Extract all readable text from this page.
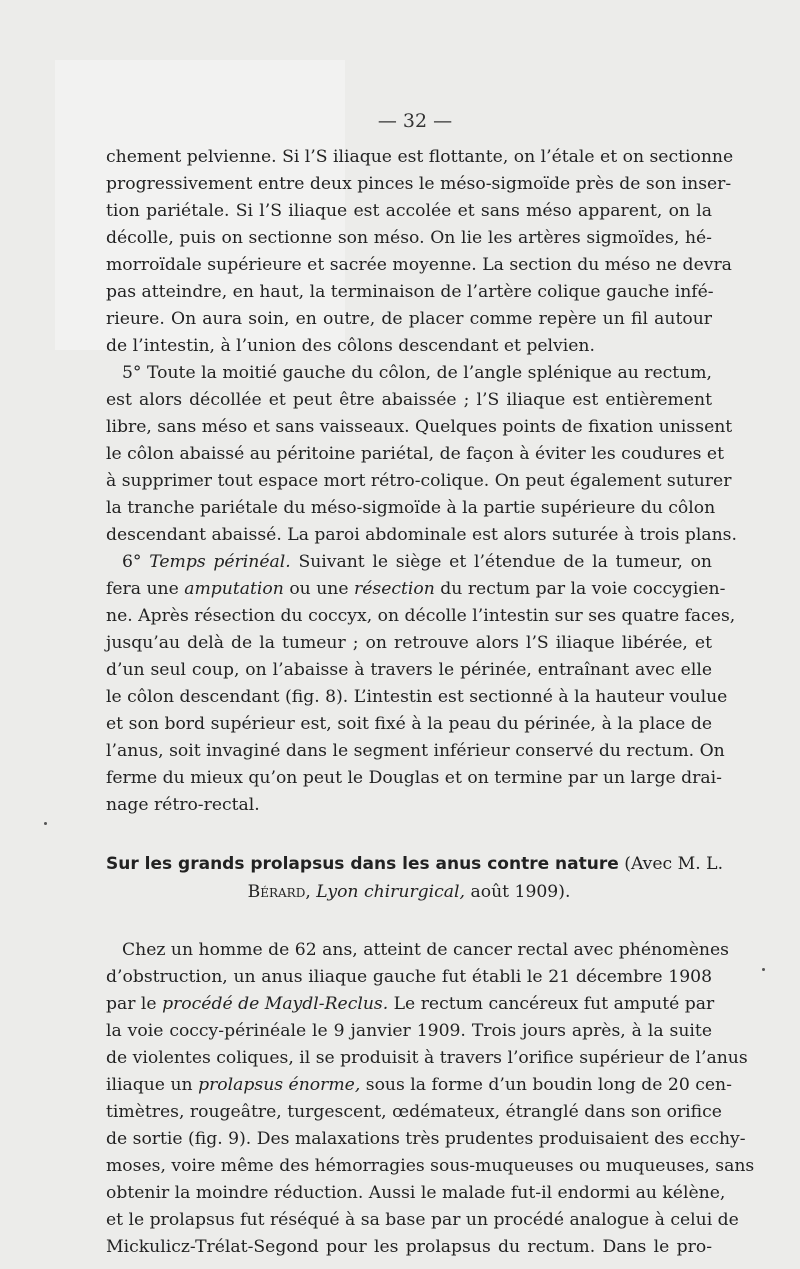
— 32 —
chement pelvienne. Si l’S iliaque est flottante, on l’étale et on sectionne
progressivement entre deux pinces le méso-sigmoïde près de son inser-
tion pariétale. Si l’S iliaque est accolée et sans méso apparent, on la
décolle, puis on sectionne son méso. On lie les artères sigmoïdes, hé-
morroïdale supérieure et sacrée moyenne. La section du méso ne devra
pas atteindre, en haut, la terminaison de l’artère colique gauche infé-
rieure. On aura soin, en outre, de placer comme repère un fil autour
de l’intestin, à l’union des côlons descendant et pelvien.
5° Toute la moitié gauche du côlon, de l’angle splénique au rectum,
est alors décollée et peut être abaissée ; l’S iliaque est entièrement
libre, sans méso et sans vaisseaux. Quelques points de fixation unissent
le côlon abaissé au péritoine pariétal, de façon à éviter les coudures et
à supprimer tout espace mort rétro-colique. On peut également suturer
la tranche pariétale du méso-sigmoïde à la partie supérieure du côlon
descendant abaissé. La paroi abdominale est alors suturée à trois plans.
6° Temps périnéal. Suivant le siège et l’étendue de la tumeur, on
fera une amputation ou une résection du rectum par la voie coccygien-
ne. Après résection du coccyx, on décolle l’intestin sur ses quatre faces,
jusqu’au delà de la tumeur ; on retrouve alors l’S iliaque libérée, et
d’un seul coup, on l’abaisse à travers le périnée, entraînant avec elle
le côlon descendant (fig. 8). L’intestin est sectionné à la hauteur voulue
et son bord supérieur est, soit fixé à la peau du périnée, à la place de
l’anus, soit invaginé dans le segment inférieur conservé du rectum. On
ferme du mieux qu’on peut le Douglas et on termine par un large drai-
nage rétro-rectal.
Sur les grands prolapsus dans les anus contre nature (Avec M. L.
Bérard, Lyon chirurgical, août 1909).
Chez un homme de 62 ans, atteint de cancer rectal avec phénomènes
d’obstruction, un anus iliaque gauche fut établi le 21 décembre 1908
par le procédé de Maydl-Reclus. Le rectum cancéreux fut amputé par
la voie coccy-périnéale le 9 janvier 1909. Trois jours après, à la suite
de violentes coliques, il se produisit à travers l’orifice supérieur de l’anus
iliaque un prolapsus énorme, sous la forme d’un boudin long de 20 cen-
timètres, rougeâtre, turgescent, œdémateux, étranglé dans son orifice
de sortie (fig. 9). Des malaxations très prudentes produisaient des ecchy-
moses, voire même des hémorragies sous-muqueuses ou muqueuses, sans
obtenir la moindre réduction. Aussi le malade fut-il endormi au kélène,
et le prolapsus fut réséqué à sa base par un procédé analogue à celui de
Mickulicz-Trélat-Segond pour les prolapsus du rectum. Dans le pro-
